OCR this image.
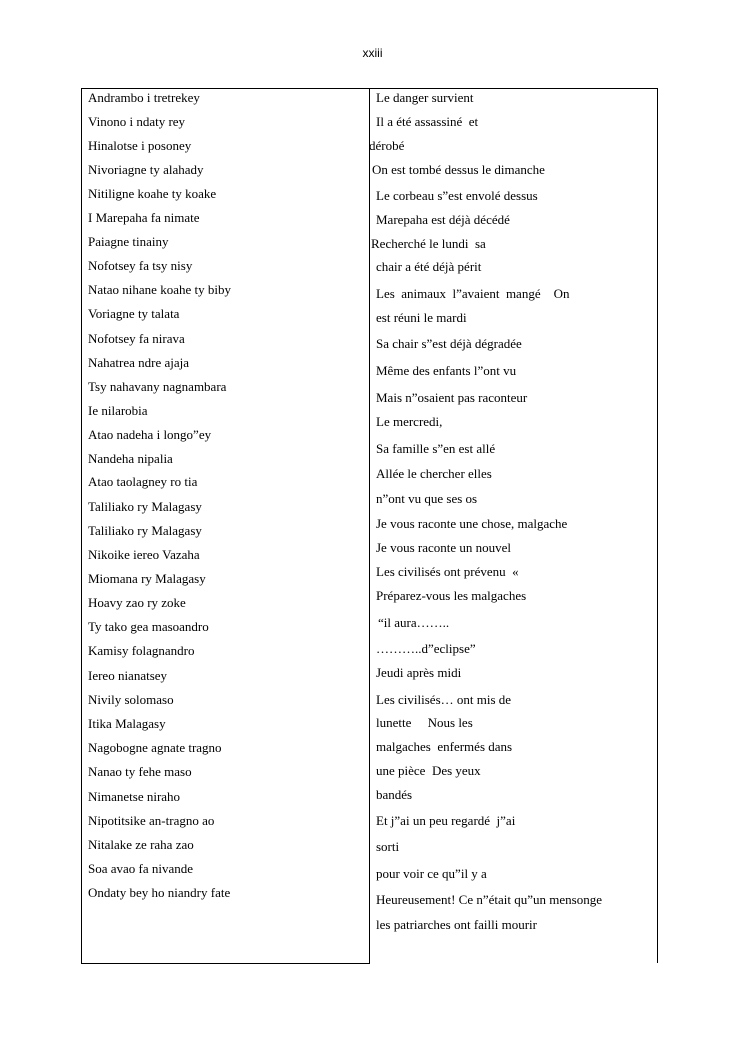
xxiii
Andrambo i tretrekey
Vinono i ndaty rey
Hinalotse i posoney
Nivoriagne ty alahady
Nitiligne koahe ty koake
I Marepaha fa nimate
Paiagne tinainy
Nofotsey fa tsy nisy
Natao nihane koahe ty biby
Voriagne ty talata
Nofotsey fa nirava
Nahatrea ndre ajaja
Tsy nahavany nagnambara
Ie nilarobia
Atao nadeha i longo”ey
Nandeha nipalia
Atao taolagney ro tia
Taliliako ry Malagasy
Taliliako ry Malagasy
Nikoike iereo Vazaha
Miomana ry Malagasy
Hoavy zao ry zoke
Ty tako gea masoandro
Kamisy folagnandro
Iereo nianatsey
Nivily solomaso
Itika Malagasy
Nagobogne agnate tragno
Nanao ty fehe maso
Nimanetse niraho
Nipotitsike an-tragno ao
Nitalake ze raha zao
Soa avao fa nivande
Ondaty bey ho niandry fate
Le danger survient
Il a été assassiné  et
dérobé
On est tombé dessus le dimanche
Le corbeau s”est envolé dessus
Marepaha est déjà décédé
Recherché le lundi  sa
chair a été déjà périt
Les  animaux  l”avaient  mangé    On
est réuni le mardi
Sa chair s”est déjà dégradée
Même des enfants l”ont vu
Mais n”osaient pas raconteur
Le mercredi,
Sa famille s”en est allé
Allée le chercher elles
n”ont vu que ses os
Je vous raconte une chose, malgache
Je vous raconte un nouvel
Les civilisés ont prévenu  «
Préparez-vous les malgaches
“il aura……..
………..d”eclipse”
Jeudi après midi
Les civilisés… ont mis de
lunette     Nous les
malgaches  enfermés dans
une pièce  Des yeux
bandés
Et j”ai un peu regardé  j”ai
sorti
pour voir ce qu”il y a
Heureusement! Ce n”était qu”un mensonge
les patriarches ont failli mourir
